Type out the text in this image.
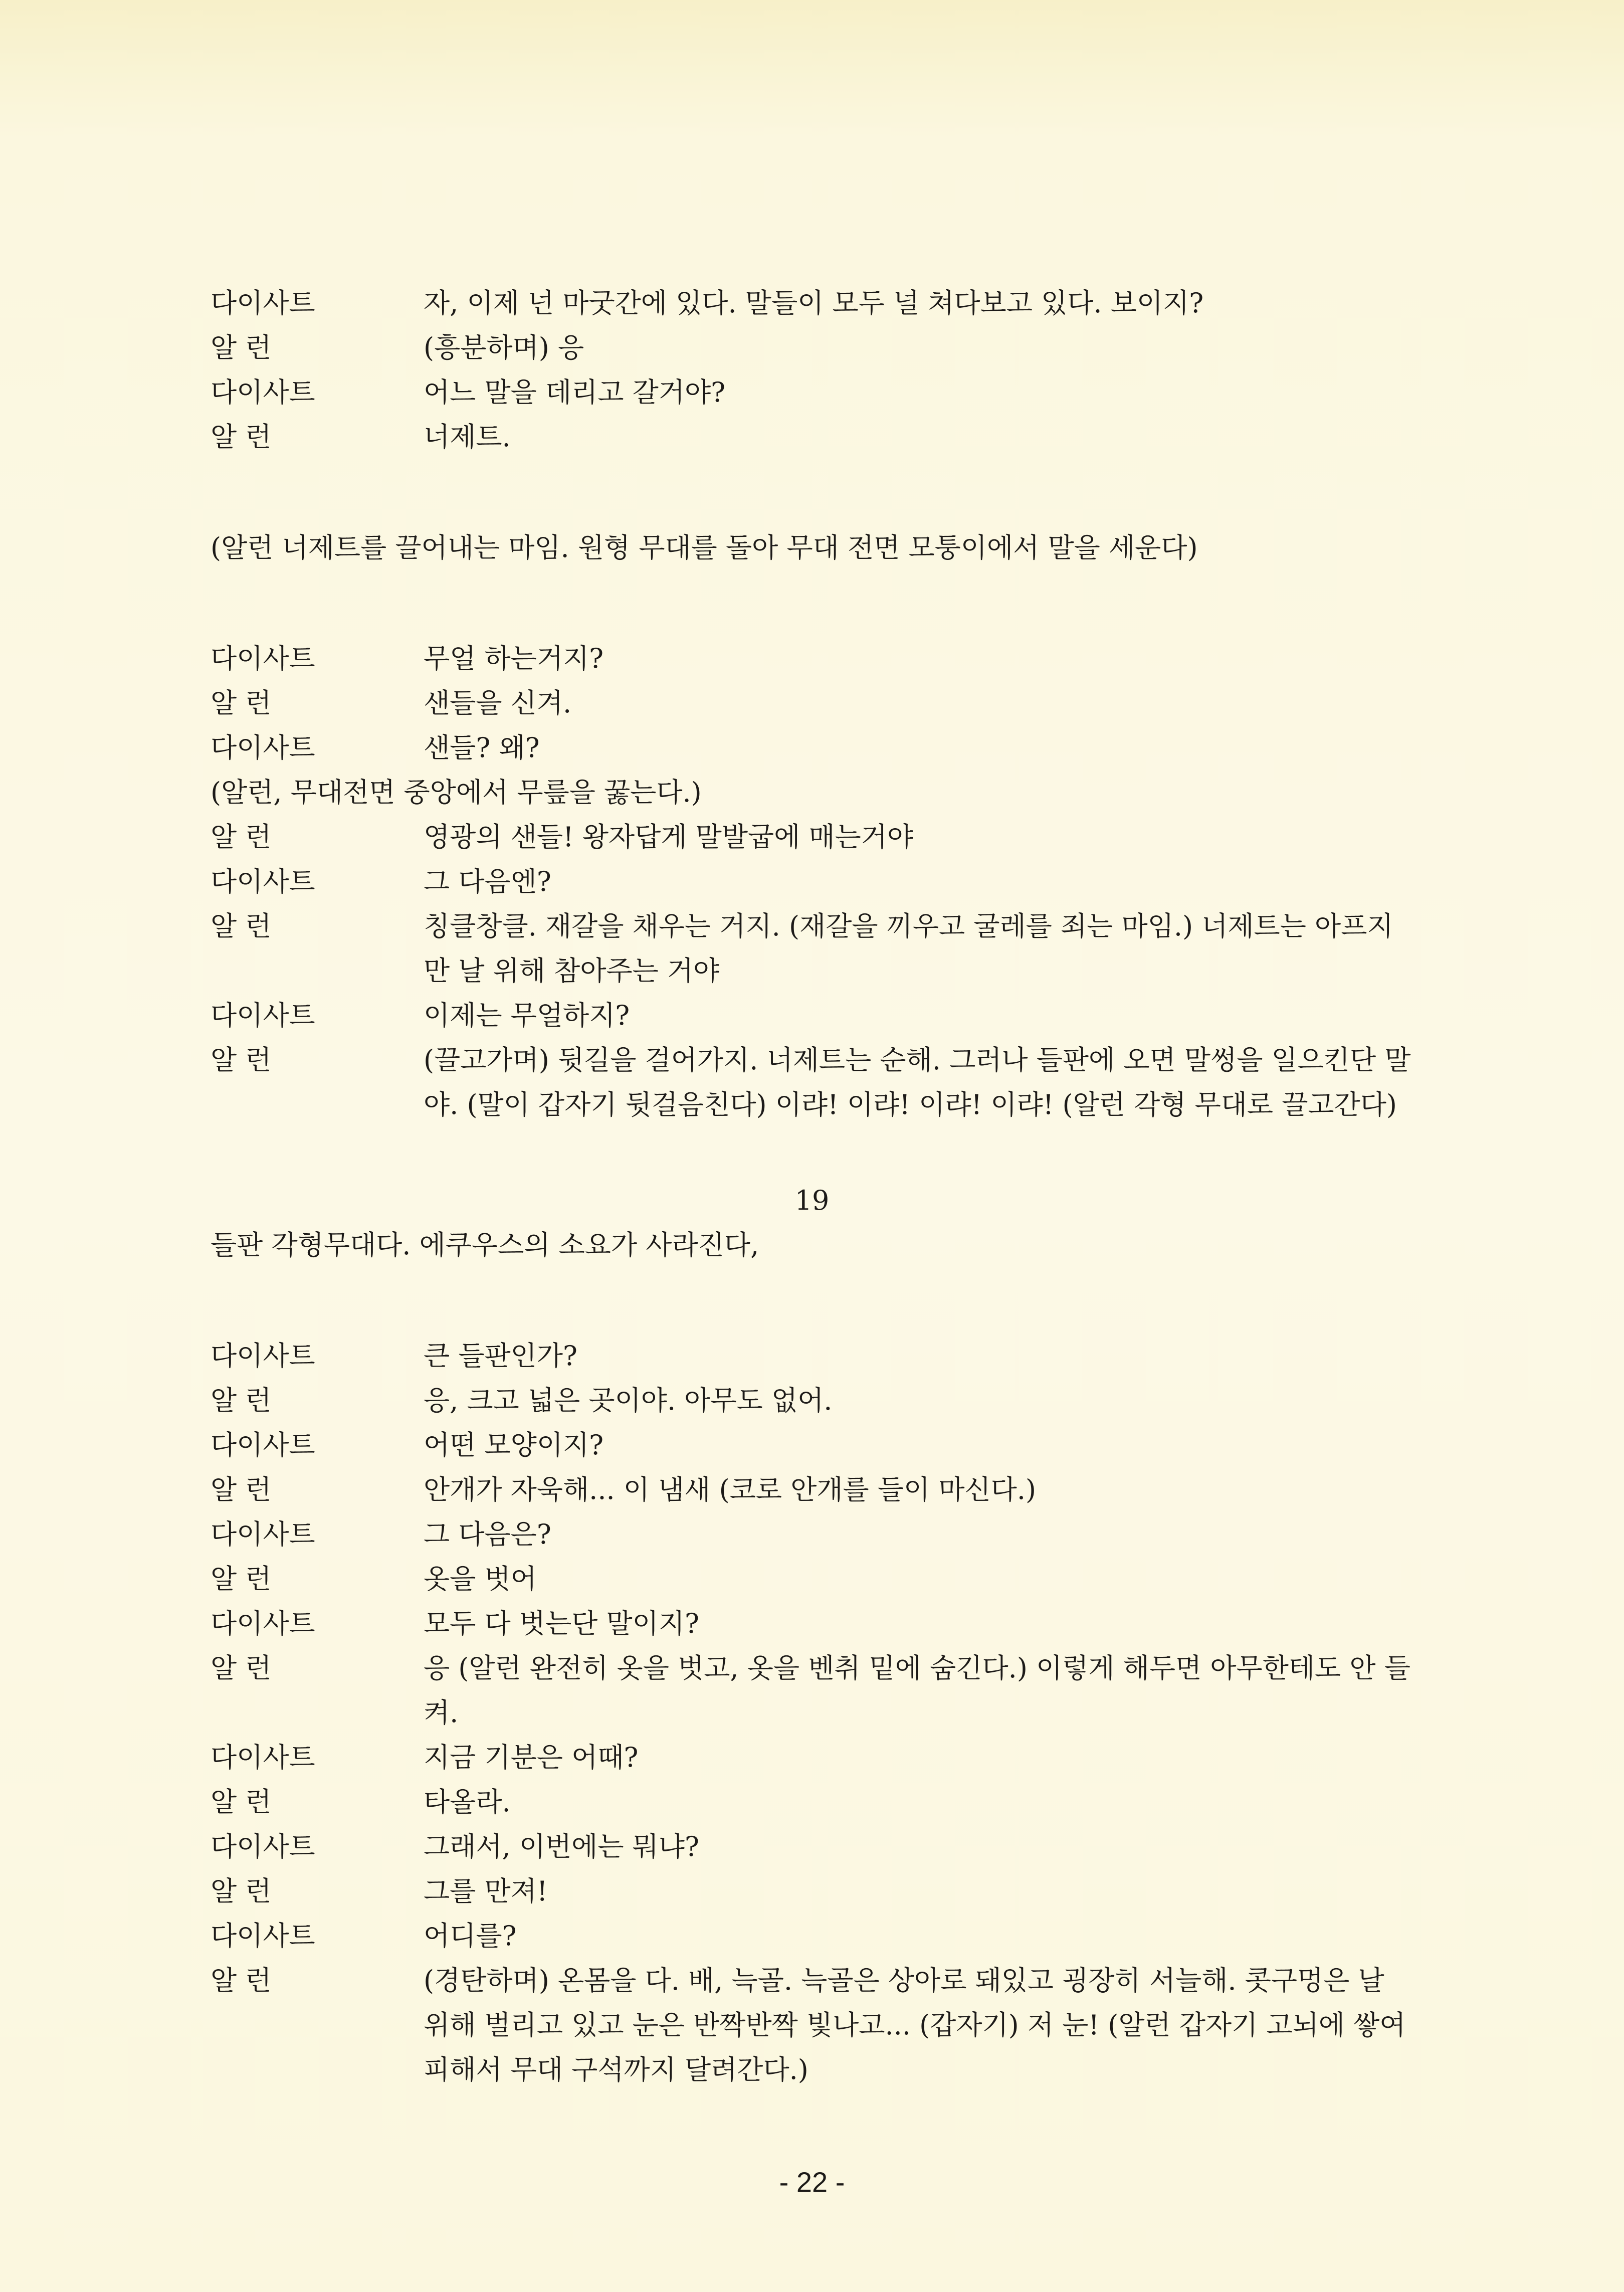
다이사트	자, 이제 넌 마굿간에 있다. 말들이 모두 널 쳐다보고 있다. 보이지?
알 런	(흥분하며) 응
다이사트	어느 말을 데리고 갈거야?
알 런	너제트.
(알런 너제트를 끌어내는 마임. 원형 무대를 돌아 무대 전면 모퉁이에서 말을 세운다)
다이사트	무얼 하는거지?
알 런	샌들을 신겨.
다이사트	샌들? 왜?
(알런, 무대전면 중앙에서 무릎을 꿇는다.)
알 런	영광의 샌들! 왕자답게 말발굽에 매는거야
다이사트	그 다음엔?
알 런	칭클창클. 재갈을 채우는 거지. (재갈을 끼우고 굴레를 죄는 마임.) 너제트는 아프지만 날 위해 참아주는 거야
다이사트	이제는 무얼하지?
알 런	(끌고가며) 뒷길을 걸어가지. 너제트는 순해. 그러나 들판에 오면 말썽을 일으킨단 말야. (말이 갑자기 뒷걸음친다) 이랴! 이랴! 이랴! 이랴! (알런 각형 무대로 끌고간다)
19
들판 각형무대다. 에쿠우스의 소요가 사라진다,
다이사트	큰 들판인가?
알 런	응, 크고 넓은 곳이야. 아무도 없어.
다이사트	어떤 모양이지?
알 런	안개가 자욱해... 이 냄새 (코로 안개를 들이 마신다.)
다이사트	그 다음은?
알 런	옷을 벗어
다이사트	모두 다 벗는단 말이지?
알 런	응 (알런 완전히 옷을 벗고, 옷을 벤취 밑에 숨긴다.) 이렇게 해두면 아무한테도 안 들켜.
다이사트	지금 기분은 어때?
알 런	타올라.
다이사트	그래서, 이번에는 뭐냐?
알 런	그를 만져!
다이사트	어디를?
알 런	(경탄하며) 온몸을 다. 배, 늑골. 늑골은 상아로 돼있고 굉장히 서늘해. 콧구멍은 날 위해 벌리고 있고 눈은 반짝반짝 빛나고... (갑자기) 저 눈! (알런 갑자기 고뇌에 쌓여 피해서 무대 구석까지 달려간다.)
- 22 -
